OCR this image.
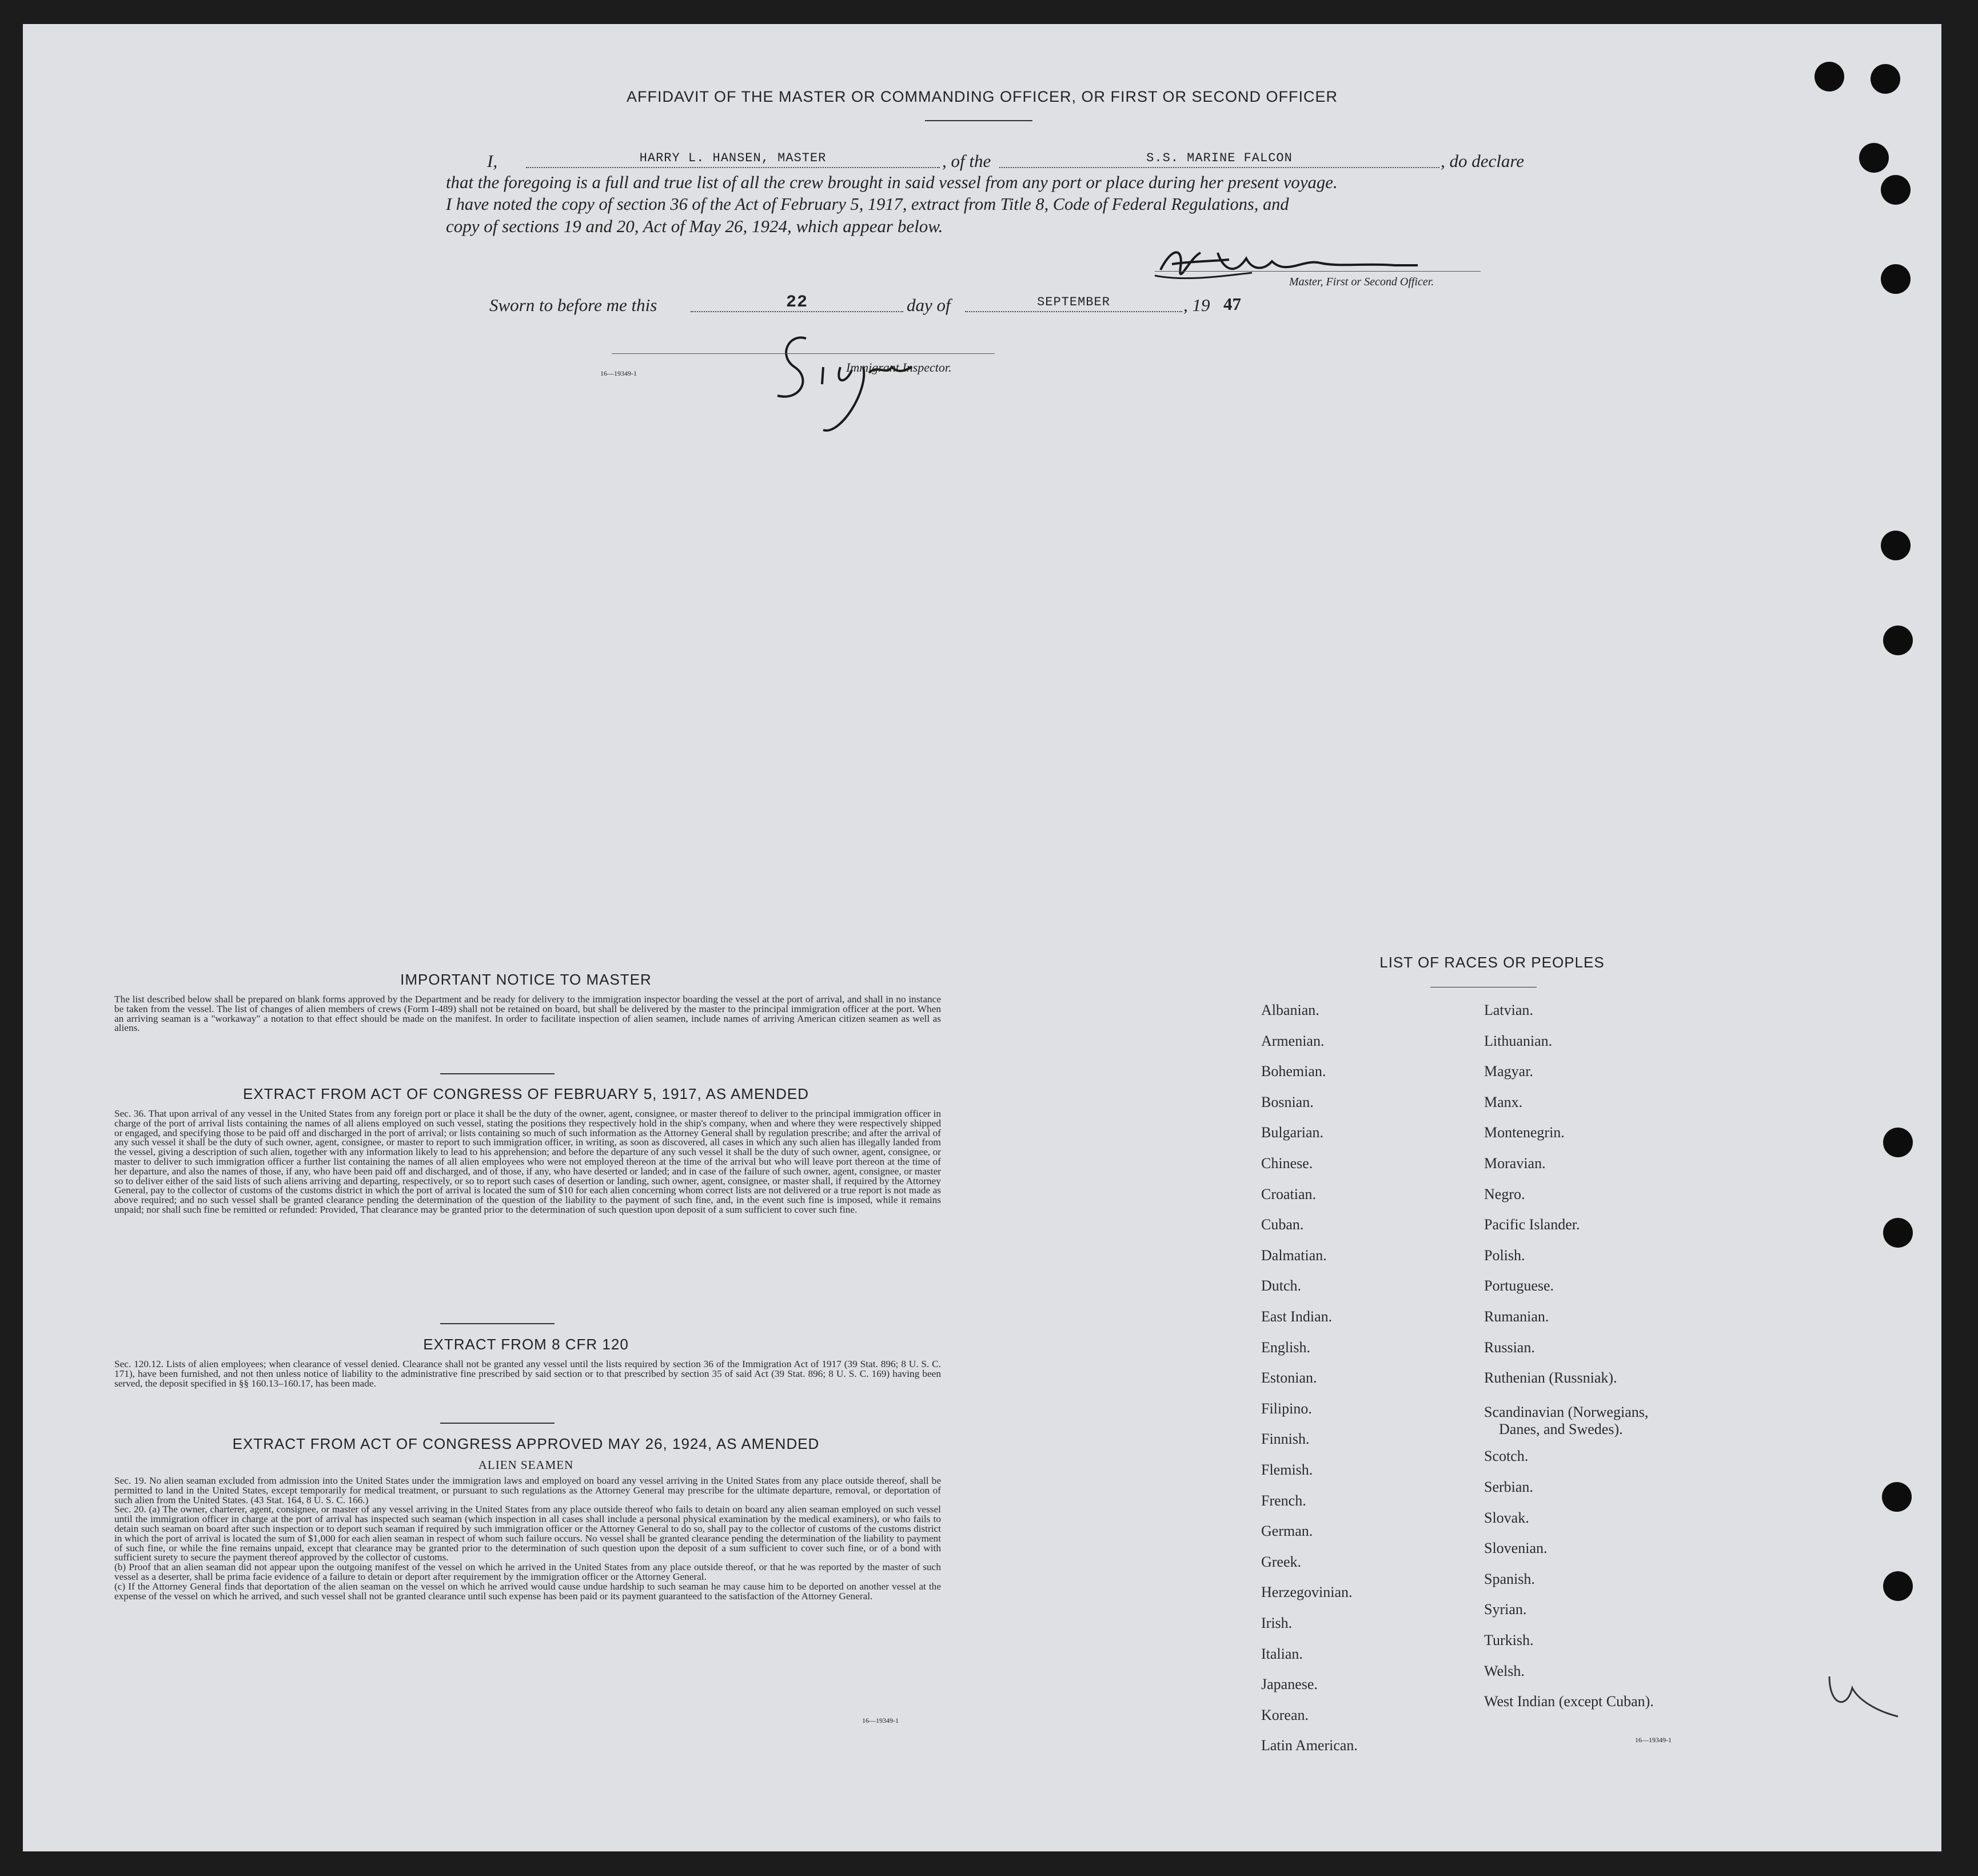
AFFIDAVIT OF THE MASTER OR COMMANDING OFFICER, OR FIRST OR SECOND OFFICER
I,	HARRY L. HANSEN, MASTER	, of the	S.S. MARINE FALCON	, do declare
that the foregoing is a full and true list of all the crew brought in said vessel from any port or place during her present voyage.
I have noted the copy of section 36 of the Act of February 5, 1917, extract from Title 8, Code of Federal Regulations, and
copy of sections 19 and 20, Act of May 26, 1924, which appear below.
Master, First or Second Officer.
Sworn to before me this	22	day of	SEPTEMBER	, 19 47
16—19349-1	Immigrant Inspector.
IMPORTANT NOTICE TO MASTER
The list described below shall be prepared on blank forms approved by the Department and be ready for delivery to the immigration inspector boarding the vessel at the port of arrival, and shall in no instance be taken from the vessel. The list of changes of alien members of crews (Form I-489) shall not be retained on board, but shall be delivered by the master to the principal immigration officer at the port. When an arriving seaman is a "workaway" a notation to that effect should be made on the manifest. In order to facilitate inspection of alien seamen, include names of arriving American citizen seamen as well as aliens.
EXTRACT FROM ACT OF CONGRESS OF FEBRUARY 5, 1917, AS AMENDED
Sec. 36. That upon arrival of any vessel in the United States from any foreign port or place it shall be the duty of the owner, agent, consignee, or master thereof to deliver to the principal immigration officer in charge of the port of arrival lists containing the names of all aliens employed on such vessel, stating the positions they respectively hold in the ship's company, when and where they were respectively shipped or engaged, and specifying those to be paid off and discharged in the port of arrival; or lists containing so much of such information as the Attorney General shall by regulation prescribe; and after the arrival of any such vessel it shall be the duty of such owner, agent, consignee, or master to report to such immigration officer, in writing, as soon as discovered, all cases in which any such alien has illegally landed from the vessel, giving a description of such alien, together with any information likely to lead to his apprehension; and before the departure of any such vessel it shall be the duty of such owner, agent, consignee, or master to deliver to such immigration officer a further list containing the names of all alien employees who were not employed thereon at the time of the arrival but who will leave port thereon at the time of her departure, and also the names of those, if any, who have been paid off and discharged, and of those, if any, who have deserted or landed; and in case of the failure of such owner, agent, consignee, or master so to deliver either of the said lists of such aliens arriving and departing, respectively, or so to report such cases of desertion or landing, such owner, agent, consignee, or master shall, if required by the Attorney General, pay to the collector of customs of the customs district in which the port of arrival is located the sum of $10 for each alien concerning whom correct lists are not delivered or a true report is not made as above required; and no such vessel shall be granted clearance pending the determination of the question of the liability to the payment of such fine, and, in the event such fine is imposed, while it remains unpaid; nor shall such fine be remitted or refunded: Provided, That clearance may be granted prior to the determination of such question upon deposit of a sum sufficient to cover such fine.
EXTRACT FROM 8 CFR 120
Sec. 120.12. Lists of alien employees; when clearance of vessel denied. Clearance shall not be granted any vessel until the lists required by section 36 of the Immigration Act of 1917 (39 Stat. 896; 8 U. S. C. 171), have been furnished, and not then unless notice of liability to the administrative fine prescribed by said section or to that prescribed by section 35 of said Act (39 Stat. 896; 8 U. S. C. 169) having been served, the deposit specified in §§ 160.13–160.17, has been made.
EXTRACT FROM ACT OF CONGRESS APPROVED MAY 26, 1924, AS AMENDED
ALIEN SEAMEN

Sec. 19. No alien seaman excluded from admission into the United States under the immigration laws and employed on board any vessel arriving in the United States from any place outside thereof, shall be permitted to land in the United States, except temporarily for medical treatment, or pursuant to such regulations as the Attorney General may prescribe for the ultimate departure, removal, or deportation of such alien from the United States. (43 Stat. 164, 8 U. S. C. 166.)

Sec. 20. (a) The owner, charterer, agent, consignee, or master of any vessel arriving in the United States from any place outside thereof who fails to detain on board any alien seaman employed on such vessel until the immigration officer in charge at the port of arrival has inspected such seaman (which inspection in all cases shall include a personal physical examination by the medical examiners), or who fails to detain such seaman on board after such inspection or to deport such seaman if required by such immigration officer or the Attorney General to do so, shall pay to the collector of customs of the customs district in which the port of arrival is located the sum of $1,000 for each alien seaman in respect of whom such failure occurs. No vessel shall be granted clearance pending the determination of the liability to payment of such fine, or while the fine remains unpaid, except that clearance may be granted prior to the determination of such question upon the deposit of a sum sufficient to cover such fine, or of a bond with sufficient surety to secure the payment thereof approved by the collector of customs.

(b) Proof that an alien seaman did not appear upon the outgoing manifest of the vessel on which he arrived in the United States from any place outside thereof, or that he was reported by the master of such vessel as a deserter, shall be prima facie evidence of a failure to detain or deport after requirement by the immigration officer or the Attorney General.

(c) If the Attorney General finds that deportation of the alien seaman on the vessel on which he arrived would cause undue hardship to such seaman he may cause him to be deported on another vessel at the expense of the vessel on which he arrived, and such vessel shall not be granted clearance until such expense has been paid or its payment guaranteed to the satisfaction of the Attorney General.

16—19349-1
LIST OF RACES OR PEOPLES
Albanian.
Armenian.
Bohemian.
Bosnian.
Bulgarian.
Chinese.
Croatian.
Cuban.
Dalmatian.
Dutch.
East Indian.
English.
Estonian.
Filipino.
Finnish.
Flemish.
French.
German.
Greek.
Herzegovinian.
Irish.
Italian.
Japanese.
Korean.
Latin American.
Latvian.
Lithuanian.
Magyar.
Manx.
Montenegrin.
Moravian.
Negro.
Pacific Islander.
Polish.
Portuguese.
Rumanian.
Russian.
Ruthenian (Russniak).
Scandinavian (Norwegians,
Danes, and Swedes).
Scotch.
Serbian.
Slovak.
Slovenian.
Spanish.
Syrian.
Turkish.
Welsh.
West Indian (except Cuban).
16—19349-1
